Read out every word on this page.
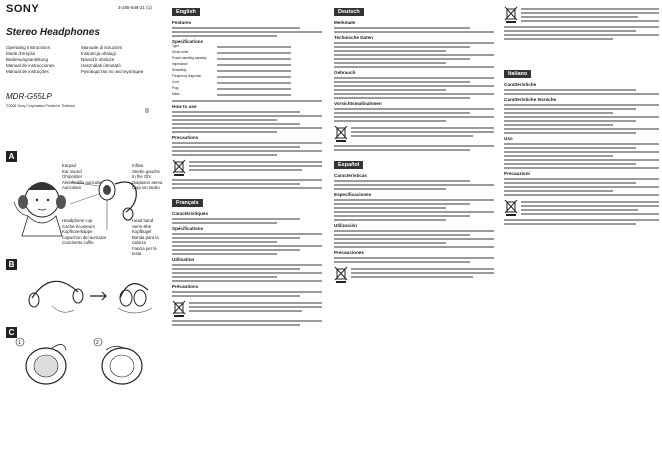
SONY	3-285-848-21 (1)
Stereo Headphones
Operating Instructions	Manuale di istruzioni
Mode d'emploi	Instrukcja obsługi
Bedienungsanleitung	Návod k obsluze
Manual de instrucciones	Használati útmutató
Manual de instruções	Руководство по эксплуатации
MDR-G55LP
©2006 Sony Corporation Printed in Thailand
II
A
Earpad
Ear sound
Ohrpolster
Almohadilla auricular
Auricolare
Inflow
Strebe gauche
In the Ohr
Diapason aerea
Diap ion tando
Headphone cup
Cache-écouteurs
Kopfhörerkappe
Capuchón del auricular
Cuscinetto cuffie
Head band
Serre-tête
Kopfbügel
Banda para la cabeza
Fascia per la testa
B
C
1	2
English
Features
Specifications
Type
Driver units
Power handling capacity
Impedance
Sensitivity
Frequency response
Cord
Plug
Mass
How to use
Precautions
Français
Caractéristiques
Spécifications
Utilisation
Précautions
Deutsch
Merkmale
Technische Daten
Gebrauch
Vorsichtsmaßnahmen
Español
Características
Especificaciones
Utilización
Precauciones
Italiano
Caratteristiche
Caratteristiche tecniche
Uso
Precauzioni
